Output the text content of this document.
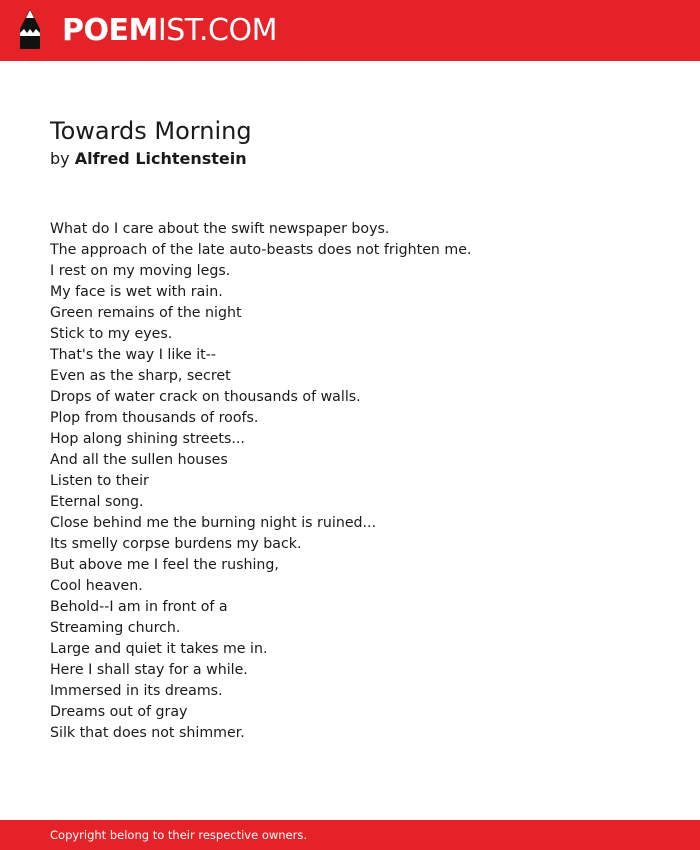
POEMIST.COM
Towards Morning
by Alfred Lichtenstein
What do I care about the swift newspaper boys.
The approach of the late auto-beasts does not frighten me.
I rest on my moving legs.
My face is wet with rain.
Green remains of the night
Stick to my eyes.
That's the way I like it--
Even as the sharp, secret
Drops of water crack on thousands of walls.
Plop from thousands of roofs.
Hop along shining streets...
And all the sullen houses
Listen to their
Eternal song.
Close behind me the burning night is ruined...
Its smelly corpse burdens my back.
But above me I feel the rushing,
Cool heaven.
Behold--I am in front of a
Streaming church.
Large and quiet it takes me in.
Here I shall stay for a while.
Immersed in its dreams.
Dreams out of gray
Silk that does not shimmer.
Copyright belong to their respective owners.
